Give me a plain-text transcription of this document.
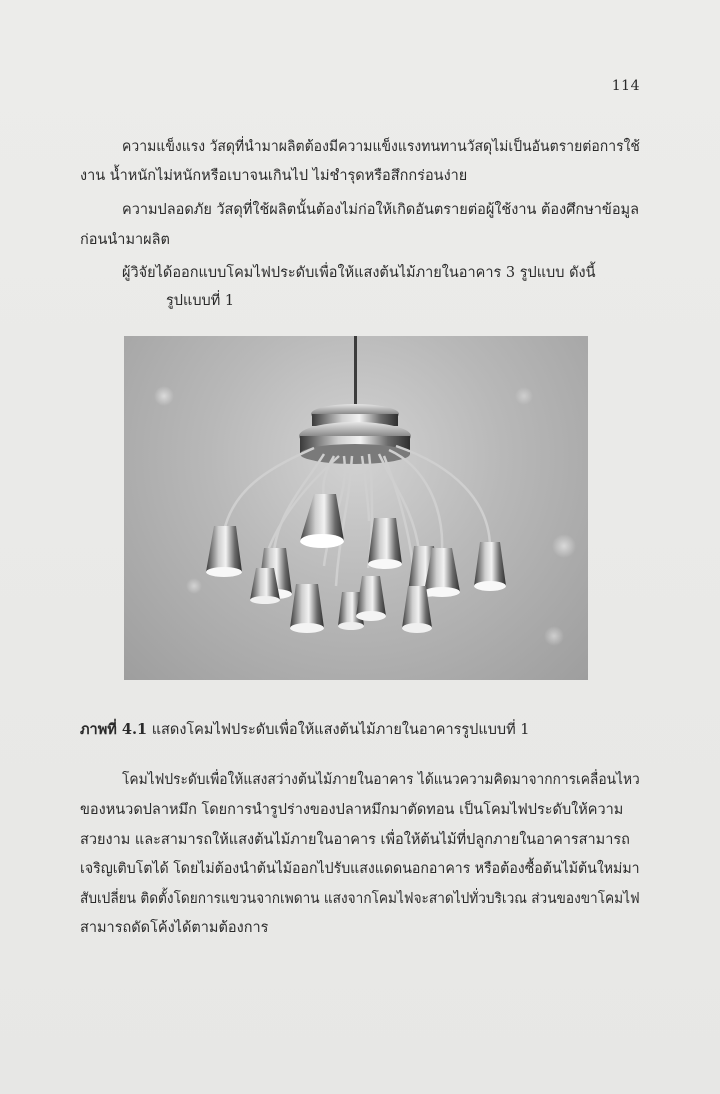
114
ความแข็งแรง วัสดุที่นำมาผลิตต้องมีความแข็งแรงทนทานวัสดุไม่เป็นอันตรายต่อการใช้
งาน น้ำหนักไม่หนักหรือเบาจนเกินไป ไม่ชำรุดหรือสึกกร่อนง่าย
ความปลอดภัย วัสดุที่ใช้ผลิตนั้นต้องไม่ก่อให้เกิดอันตรายต่อผู้ใช้งาน ต้องศึกษาข้อมูล
ก่อนนำมาผลิต
ผู้วิจัยได้ออกแบบโคมไฟประดับเพื่อให้แสงต้นไม้ภายในอาคาร 3 รูปแบบ ดังนี้
รูปแบบที่ 1
ภาพที่ 4.1 แสดงโคมไฟประดับเพื่อให้แสงต้นไม้ภายในอาคารรูปแบบที่ 1
โคมไฟประดับเพื่อให้แสงสว่างต้นไม้ภายในอาคาร ได้แนวความคิดมาจากการเคลื่อนไหว
ของหนวดปลาหมึก โดยการนำรูปร่างของปลาหมึกมาตัดทอน เป็นโคมไฟประดับให้ความ
สวยงาม และสามารถให้แสงต้นไม้ภายในอาคาร เพื่อให้ต้นไม้ที่ปลูกภายในอาคารสามารถ
เจริญเติบโตได้ โดยไม่ต้องนำต้นไม้ออกไปรับแสงแดดนอกอาคาร หรือต้องซื้อต้นไม้ต้นใหม่มา
สับเปลี่ยน ติดตั้งโดยการแขวนจากเพดาน แสงจากโคมไฟจะสาดไปทั่วบริเวณ ส่วนของขาโคมไฟ
สามารถดัดโค้งได้ตามต้องการ
